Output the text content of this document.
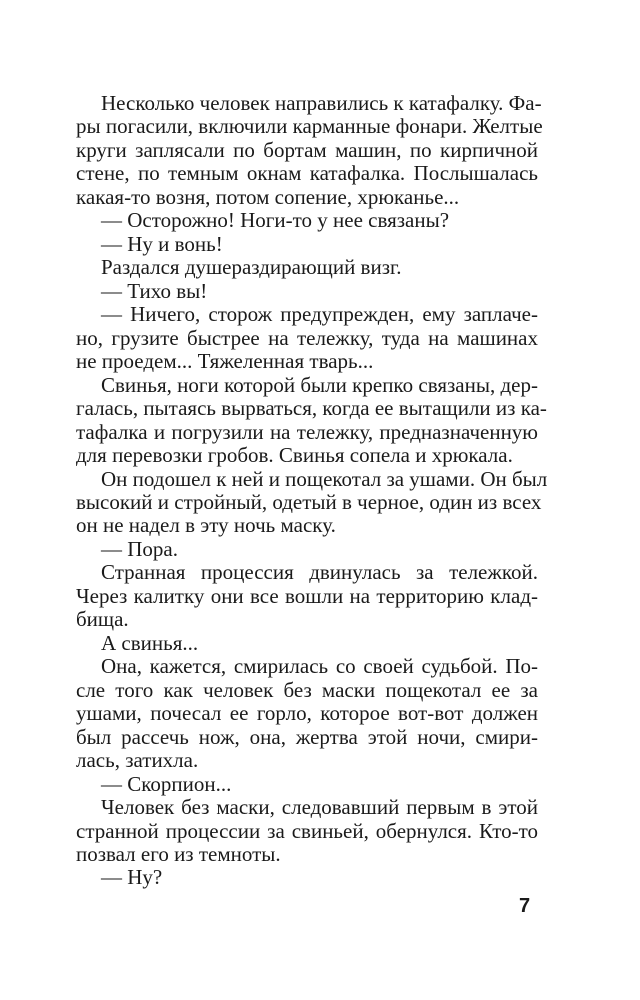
Несколько человек направились к катафалку. Фа-
ры погасили, включили карманные фонари. Желтые
круги заплясали по бортам машин, по кирпичной
стене, по темным окнам катафалка. Послышалась
какая-то возня, потом сопение, хрюканье...
— Осторожно! Ноги-то у нее связаны?
— Ну и вонь!
Раздался душераздирающий визг.
— Тихо вы!
— Ничего, сторож предупрежден, ему заплаче-
но, грузите быстрее на тележку, туда на машинах
не проедем... Тяжеленная тварь...
Свинья, ноги которой были крепко связаны, дер-
галась, пытаясь вырваться, когда ее вытащили из ка-
тафалка и погрузили на тележку, предназначенную
для перевозки гробов. Свинья сопела и хрюкала.
Он подошел к ней и пощекотал за ушами. Он был
высокий и стройный, одетый в черное, один из всех
он не надел в эту ночь маску.
— Пора.
Странная процессия двинулась за тележкой.
Через калитку они все вошли на территорию клад-
бища.
А свинья...
Она, кажется, смирилась со своей судьбой. По-
сле того как человек без маски пощекотал ее за
ушами, почесал ее горло, которое вот-вот должен
был рассечь нож, она, жертва этой ночи, смири-
лась, затихла.
— Скорпион...
Человек без маски, следовавший первым в этой
странной процессии за свиньей, обернулся. Кто-то
позвал его из темноты.
— Ну?
7
